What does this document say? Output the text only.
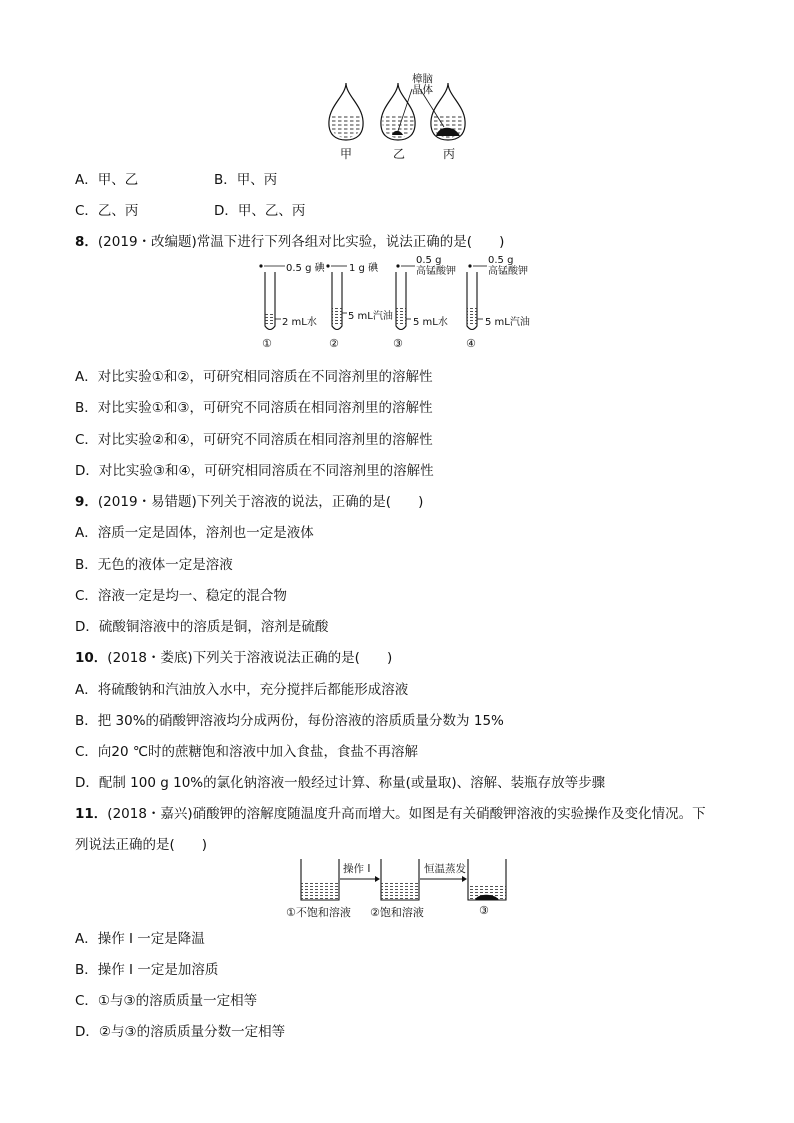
樟脑
晶体
甲	乙	丙
A．甲、乙	B．甲、丙
C．乙、丙	D．甲、乙、丙
8．(2019・改编题)常温下进行下列各组对比实验，说法正确的是(　　)
0.5 g 碘 1 g 碘
0.5 g
高锰酸钾
0.5 g
高锰酸钾
2 mL水
5 mL汽油
5 mL水	5 mL汽油
①	②	③	④
A．对比实验①和②，可研究相同溶质在不同溶剂里的溶解性
B．对比实验①和③，可研究不同溶质在相同溶剂里的溶解性
C．对比实验②和④，可研究不同溶质在相同溶剂里的溶解性
D．对比实验③和④，可研究相同溶质在不同溶剂里的溶解性
9．(2019・易错题)下列关于溶液的说法，正确的是(　　)
A．溶质一定是固体，溶剂也一定是液体
B．无色的液体一定是溶液
C．溶液一定是均一、稳定的混合物
D．硫酸铜溶液中的溶质是铜，溶剂是硫酸
10．(2018・娄底)下列关于溶液说法正确的是(　　)
A．将硫酸钠和汽油放入水中，充分搅拌后都能形成溶液
B．把 30%的硝酸钾溶液均分成两份，每份溶液的溶质质量分数为 15%
C．向20 ℃时的蔗糖饱和溶液中加入食盐，食盐不再溶解
D．配制 100 g 10%的氯化钠溶液一般经过计算、称量(或量取)、溶解、装瓶存放等步骤
11．(2018・嘉兴)硝酸钾的溶解度随温度升高而增大。如图是有关硝酸钾溶液的实验操作及变化情况。下
列说法正确的是(　　)
操作 I	恒温蒸发
①不饱和溶液 ②饱和溶液	③
A．操作 I 一定是降温
B．操作 I 一定是加溶质
C．①与③的溶质质量一定相等
D．②与③的溶质质量分数一定相等
